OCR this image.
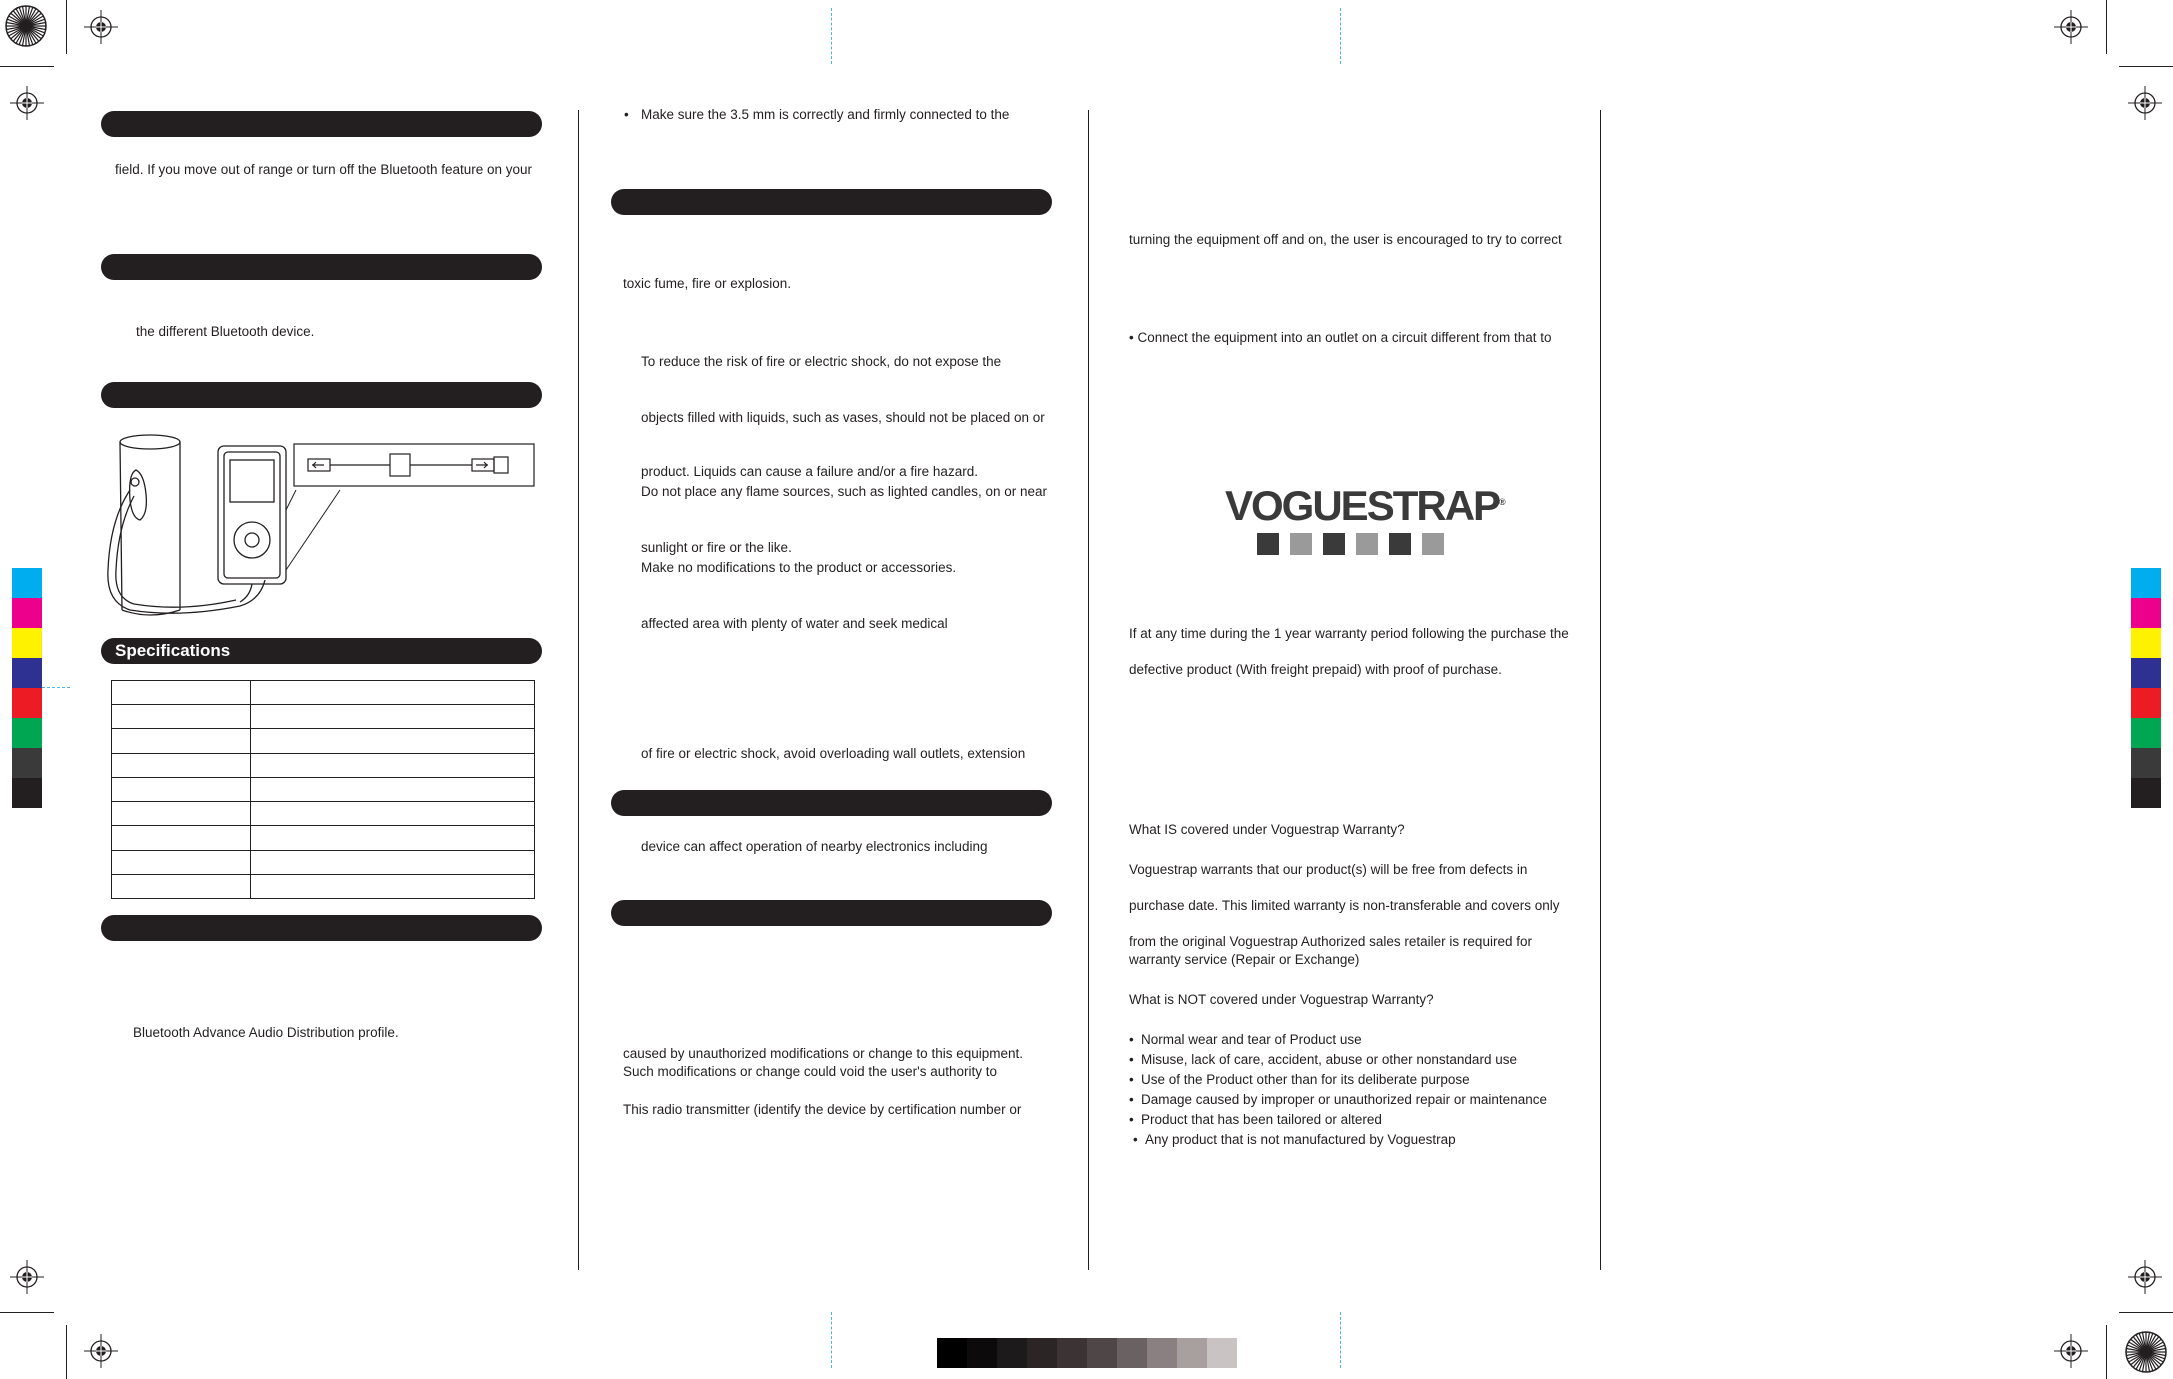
field. If you move out of range or turn off the Bluetooth feature on your
the different Bluetooth device.
Specifications

Bluetooth Advance Audio Distribution profile.
• Make sure the 3.5 mm is correctly and firmly connected to the
toxic fume, fire or explosion.
To reduce the risk of fire or electric shock, do not expose the
objects filled with liquids, such as vases, should not be placed on or
product. Liquids can cause a failure and/or a fire hazard.
Do not place any flame sources, such as lighted candles, on or near
sunlight or fire or the like.
Make no modifications to the product or accessories.
affected area with plenty of water and seek medical
of fire or electric shock, avoid overloading wall outlets, extension
device can affect operation of nearby electronics including
caused by unauthorized modifications or change to this equipment.
Such modifications or change could void the user's authority to
This radio transmitter (identify the device by certification number or
turning the equipment off and on, the user is encouraged to try to correct
• Connect the equipment into an outlet on a circuit different from that to
VOGUESTRAP®
If at any time during the 1 year warranty period following the purchase the
defective product (With freight prepaid) with proof of purchase.
What IS covered under Voguestrap Warranty?
Voguestrap warrants that our product(s) will be free from defects in
purchase date. This limited warranty is non-transferable and covers only
from the original Voguestrap Authorized sales retailer is required for
warranty service (Repair or Exchange)
What is NOT covered under Voguestrap Warranty?
• Normal wear and tear of Product use
• Misuse, lack of care, accident, abuse or other nonstandard use
• Use of the Product other than for its deliberate purpose
• Damage caused by improper or unauthorized repair or maintenance
• Product that has been tailored or altered
• Any product that is not manufactured by Voguestrap
